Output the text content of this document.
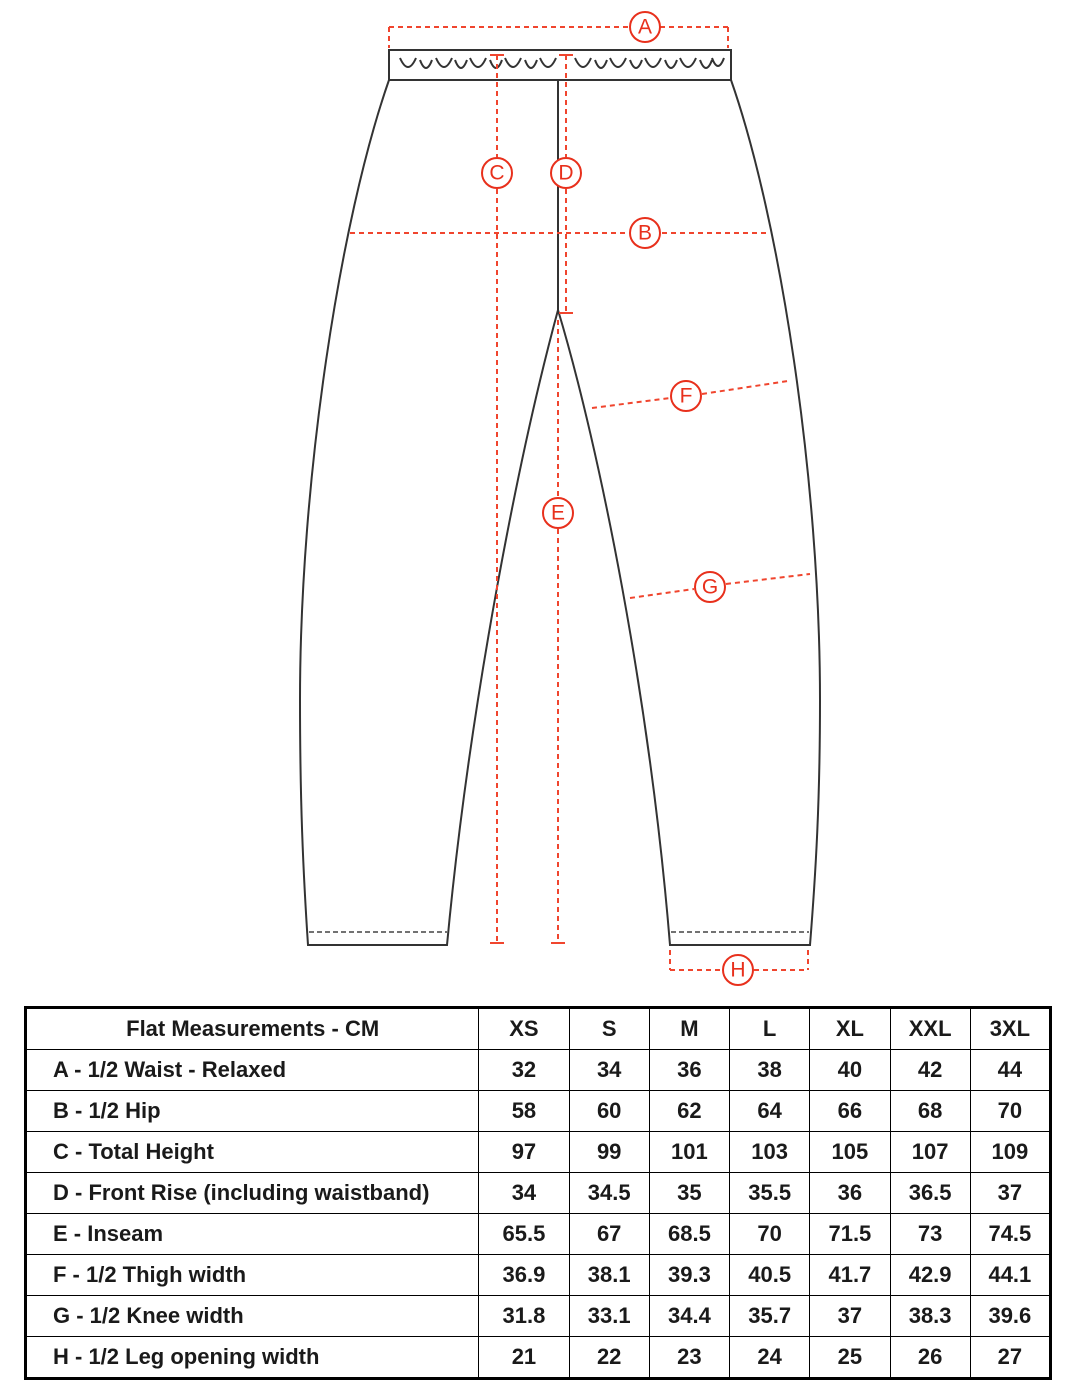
A
B
C	D
E
F
G
H
Flat Measurements - CM	XS	S	M	L	XL	XXL	3XL
A - 1/2 Waist - Relaxed	32	34	36	38	40	42	44
B - 1/2 Hip	58	60	62	64	66	68	70
C - Total Height	97	99	101	103	105	107	109
D - Front Rise (including waistband)	34	34.5	35	35.5	36	36.5	37
E - Inseam	65.5	67	68.5	70	71.5	73	74.5
F - 1/2 Thigh width	36.9	38.1	39.3	40.5	41.7	42.9	44.1
G - 1/2 Knee width	31.8	33.1	34.4	35.7	37	38.3	39.6
H - 1/2 Leg opening width	21	22	23	24	25	26	27
